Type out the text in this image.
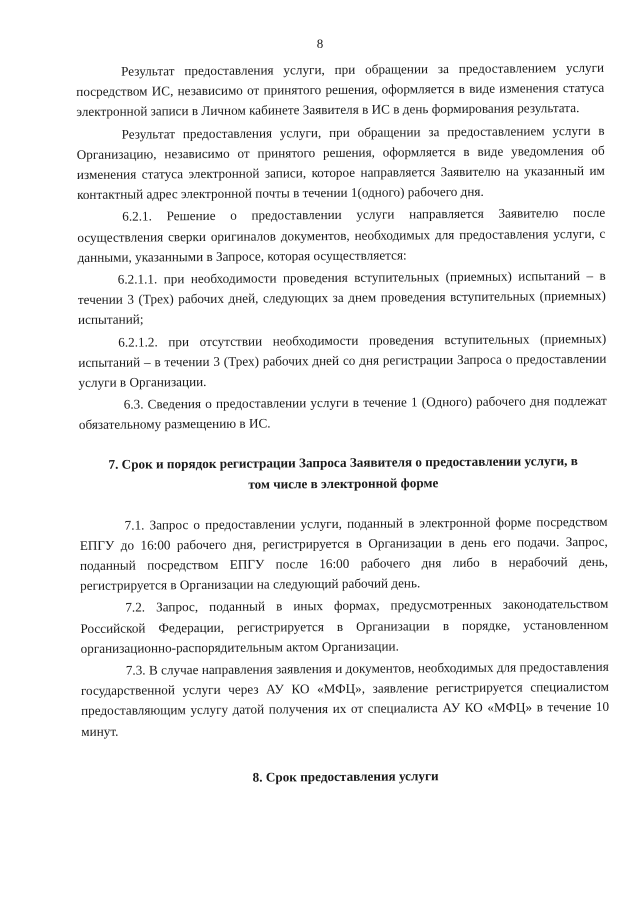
8

Результат предоставления услуги, при обращении за предоставлением услуги посредством ИС, независимо от принятого решения, оформляется в виде изменения статуса электронной записи в Личном кабинете Заявителя в ИС в день формирования результата.

Результат предоставления услуги, при обращении за предоставлением услуги в Организацию, независимо от принятого решения, оформляется в виде уведомления об изменения статуса электронной записи, которое направляется Заявителю на указанный им контактный адрес электронной почты в течении 1(одного) рабочего дня.

6.2.1. Решение о предоставлении услуги направляется Заявителю после осуществления сверки оригиналов документов, необходимых для предоставления услуги, с данными, указанными в Запросе, которая осуществляется:

6.2.1.1. при необходимости проведения вступительных (приемных) испытаний – в течении 3 (Трех) рабочих дней, следующих за днем проведения вступительных (приемных) испытаний;

6.2.1.2. при отсутствии необходимости проведения вступительных (приемных) испытаний – в течении 3 (Трех) рабочих дней со дня регистрации Запроса о предоставлении услуги в Организации.

6.3. Сведения о предоставлении услуги в течение 1 (Одного) рабочего дня подлежат обязательному размещению в ИС.

7. Срок и порядок регистрации Запроса Заявителя о предоставлении услуги, в том числе в электронной форме

7.1. Запрос о предоставлении услуги, поданный в электронной форме посредством ЕПГУ до 16:00 рабочего дня, регистрируется в Организации в день его подачи. Запрос, поданный посредством ЕПГУ после 16:00 рабочего дня либо в нерабочий день, регистрируется в Организации на следующий рабочий день.

7.2. Запрос, поданный в иных формах, предусмотренных законодательством Российской Федерации, регистрируется в Организации в порядке, установленном организационно-распорядительным актом Организации.

7.3. В случае направления заявления и документов, необходимых для предоставления государственной услуги через АУ КО «МФЦ», заявление регистрируется специалистом предоставляющим услугу датой получения их от специалиста АУ КО «МФЦ» в течение 10 минут.

8. Срок предоставления услуги
